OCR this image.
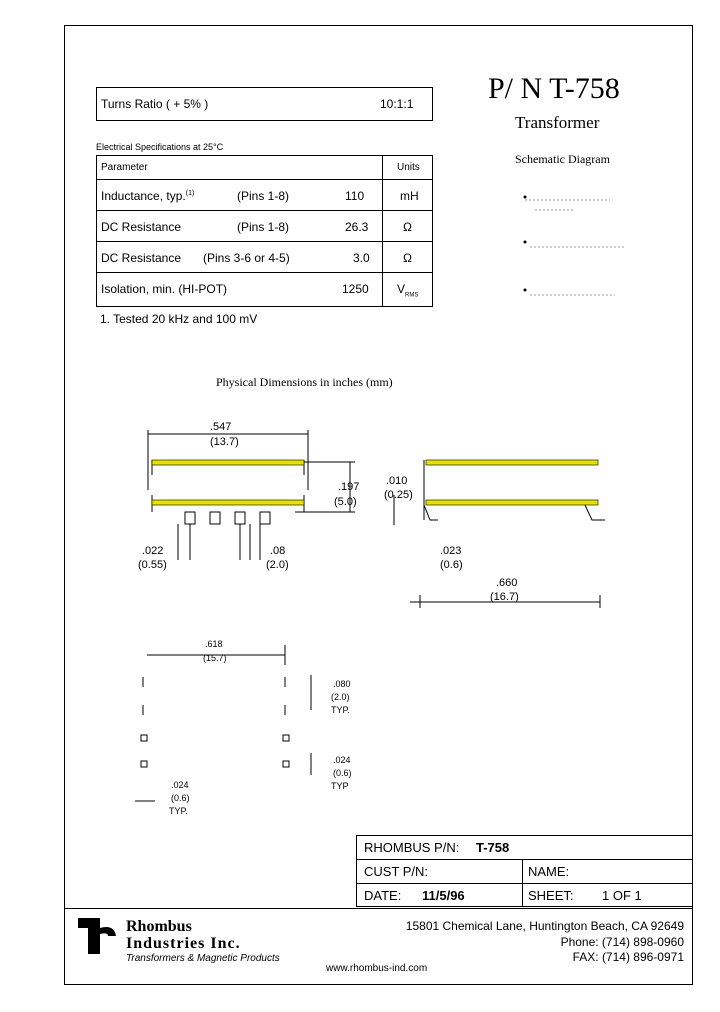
P/ N T-758
Transformer
Schematic Diagram
Turns Ratio ( + 5% )	10:1:1
Electrical Specifications at 25°C
Parameter	Units
Inductance, typ.$^{(1)}$	(Pins 1-8)	110	mH
DC Resistance	(Pins 1-8)	26.3	Ω
DC Resistance (Pins 3-6 or 4-5)	3.0	Ω
Isolation, min. (HI-POT)	1250 $V_{RMS}$
1. Tested 20 kHz and 100 mV
Physical Dimensions in inches (mm)
.547
(13.7)
.197
(5.0)
.022
(0.55)
.08
(2.0)
.010
(0.25)
.023
(0.6)
.660
(16.7)
.618
(15.7)
.080
(2.0)
TYP.
.024
(0.6)
TYP
.024
(0.6)
TYP.
RHOMBUS P/N: T-758
CUST P/N:	NAME:
DATE: 11/5/96	SHEET: 1 OF 1
Rhombus
Industries Inc.
Transformers & Magnetic Products
15801 Chemical Lane, Huntington Beach, CA 92649
Phone: (714) 898-0960
FAX: (714) 896-0971
www.rhombus-ind.com
